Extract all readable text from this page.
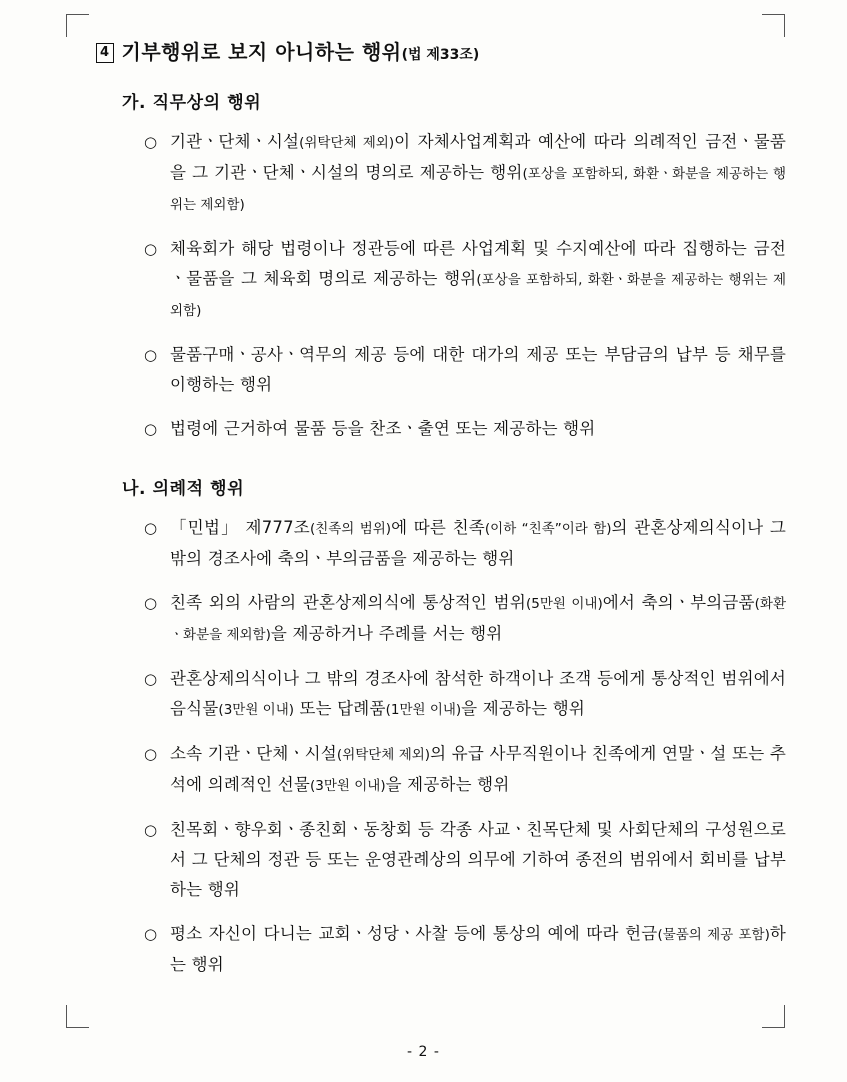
4 기부행위로 보지 아니하는 행위 (법 제33조)
가. 직무상의 행위
○ 기관ㆍ단체ㆍ시설(위탁단체 제외)이 자체사업계획과 예산에 따라 의례적인 금전ㆍ물품을 그 기관ㆍ단체ㆍ시설의 명의로 제공하는 행위(포상을 포함하되, 화환ㆍ화분을 제공하는 행위는 제외함)
○ 체육회가 해당 법령이나 정관등에 따른 사업계획 및 수지예산에 따라 집행하는 금전ㆍ물품을 그 체육회 명의로 제공하는 행위(포상을 포함하되, 화환ㆍ화분을 제공하는 행위는 제외함)
○ 물품구매ㆍ공사ㆍ역무의 제공 등에 대한 대가의 제공 또는 부담금의 납부 등 채무를 이행하는 행위
○ 법령에 근거하여 물품 등을 찬조ㆍ출연 또는 제공하는 행위
나. 의례적 행위
○ 「민법」 제777조(친족의 범위)에 따른 친족(이하 “친족”이라 함)의 관혼상제의식이나 그 밖의 경조사에 축의ㆍ부의금품을 제공하는 행위
○ 친족 외의 사람의 관혼상제의식에 통상적인 범위(5만원 이내)에서 축의ㆍ부의금품(화환ㆍ화분을 제외함)을 제공하거나 주례를 서는 행위
○ 관혼상제의식이나 그 밖의 경조사에 참석한 하객이나 조객 등에게 통상적인 범위에서 음식물(3만원 이내) 또는 답례품(1만원 이내)을 제공하는 행위
○ 소속 기관ㆍ단체ㆍ시설(위탁단체 제외)의 유급 사무직원이나 친족에게 연말ㆍ설 또는 추석에 의례적인 선물(3만원 이내)을 제공하는 행위
○ 친목회ㆍ향우회ㆍ종친회ㆍ동창회 등 각종 사교ㆍ친목단체 및 사회단체의 구성원으로서 그 단체의 정관 등 또는 운영관례상의 의무에 기하여 종전의 범위에서 회비를 납부하는 행위
○ 평소 자신이 다니는 교회ㆍ성당ㆍ사찰 등에 통상의 예에 따라 헌금(물품의 제공 포함)하는 행위
- 2 -
